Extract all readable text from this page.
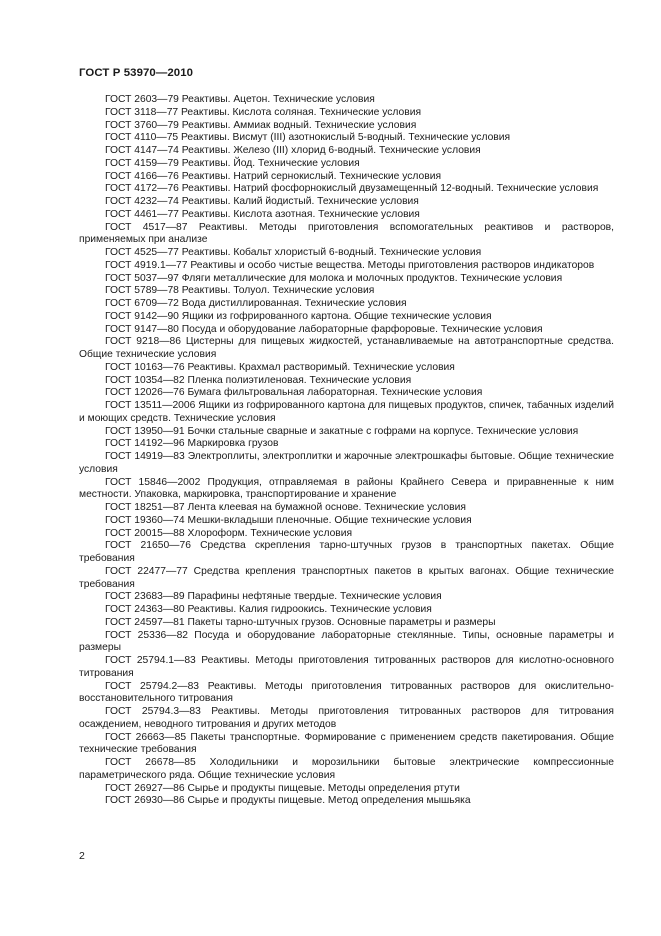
ГОСТ Р 53970—2010

ГОСТ 2603—79 Реактивы. Ацетон. Технические условия

ГОСТ 3118—77 Реактивы. Кислота соляная. Технические условия

ГОСТ 3760—79 Реактивы. Аммиак водный. Технические условия

ГОСТ 4110—75 Реактивы. Висмут (III) азотнокислый 5-водный. Технические условия

ГОСТ 4147—74 Реактивы. Железо (III) хлорид 6-водный. Технические условия

ГОСТ 4159—79 Реактивы. Йод. Технические условия

ГОСТ 4166—76 Реактивы. Натрий сернокислый. Технические условия

ГОСТ 4172—76 Реактивы. Натрий фосфорнокислый двузамещенный 12-водный. Технические условия

ГОСТ 4232—74 Реактивы. Калий йодистый. Технические условия

ГОСТ 4461—77 Реактивы. Кислота азотная. Технические условия

ГОСТ 4517—87 Реактивы. Методы приготовления вспомогательных реактивов и растворов, применяемых при анализе

ГОСТ 4525—77 Реактивы. Кобальт хлористый 6-водный. Технические условия

ГОСТ 4919.1—77 Реактивы и особо чистые вещества. Методы приготовления растворов индикаторов

ГОСТ 5037—97 Фляги металлические для молока и молочных продуктов. Технические условия

ГОСТ 5789—78 Реактивы. Толуол. Технические условия

ГОСТ 6709—72 Вода дистиллированная. Технические условия

ГОСТ 9142—90 Ящики из гофрированного картона. Общие технические условия

ГОСТ 9147—80 Посуда и оборудование лабораторные фарфоровые. Технические условия

ГОСТ 9218—86 Цистерны для пищевых жидкостей, устанавливаемые на автотранспортные средства. Общие технические условия

ГОСТ 10163—76 Реактивы. Крахмал растворимый. Технические условия

ГОСТ 10354—82 Пленка полиэтиленовая. Технические условия

ГОСТ 12026—76 Бумага фильтровальная лабораторная. Технические условия

ГОСТ 13511—2006 Ящики из гофрированного картона для пищевых продуктов, спичек, табачных изделий и моющих средств. Технические условия

ГОСТ 13950—91 Бочки стальные сварные и закатные с гофрами на корпусе. Технические условия

ГОСТ 14192—96 Маркировка грузов

ГОСТ 14919—83 Электроплиты, электроплитки и жарочные электрошкафы бытовые. Общие технические условия

ГОСТ 15846—2002 Продукция, отправляемая в районы Крайнего Севера и приравненные к ним местности. Упаковка, маркировка, транспортирование и хранение

ГОСТ 18251—87 Лента клеевая на бумажной основе. Технические условия

ГОСТ 19360—74 Мешки-вкладыши пленочные. Общие технические условия

ГОСТ 20015—88 Хлороформ. Технические условия

ГОСТ 21650—76 Средства скрепления тарно-штучных грузов в транспортных пакетах. Общие требования

ГОСТ 22477—77 Средства крепления транспортных пакетов в крытых вагонах. Общие технические требования

ГОСТ 23683—89 Парафины нефтяные твердые. Технические условия

ГОСТ 24363—80 Реактивы. Калия гидроокись. Технические условия

ГОСТ 24597—81 Пакеты тарно-штучных грузов. Основные параметры и размеры

ГОСТ 25336—82 Посуда и оборудование лабораторные стеклянные. Типы, основные параметры и размеры

ГОСТ 25794.1—83 Реактивы. Методы приготовления титрованных растворов для кислотно-основного титрования

ГОСТ 25794.2—83 Реактивы. Методы приготовления титрованных растворов для окислительно-восстановительного титрования

ГОСТ 25794.3—83 Реактивы. Методы приготовления титрованных растворов для титрования осаждением, неводного титрования и других методов

ГОСТ 26663—85 Пакеты транспортные. Формирование с применением средств пакетирования. Общие технические требования

ГОСТ 26678—85 Холодильники и морозильники бытовые электрические компрессионные параметрического ряда. Общие технические условия

ГОСТ 26927—86 Сырье и продукты пищевые. Методы определения ртути

ГОСТ 26930—86 Сырье и продукты пищевые. Метод определения мышьяка

2
